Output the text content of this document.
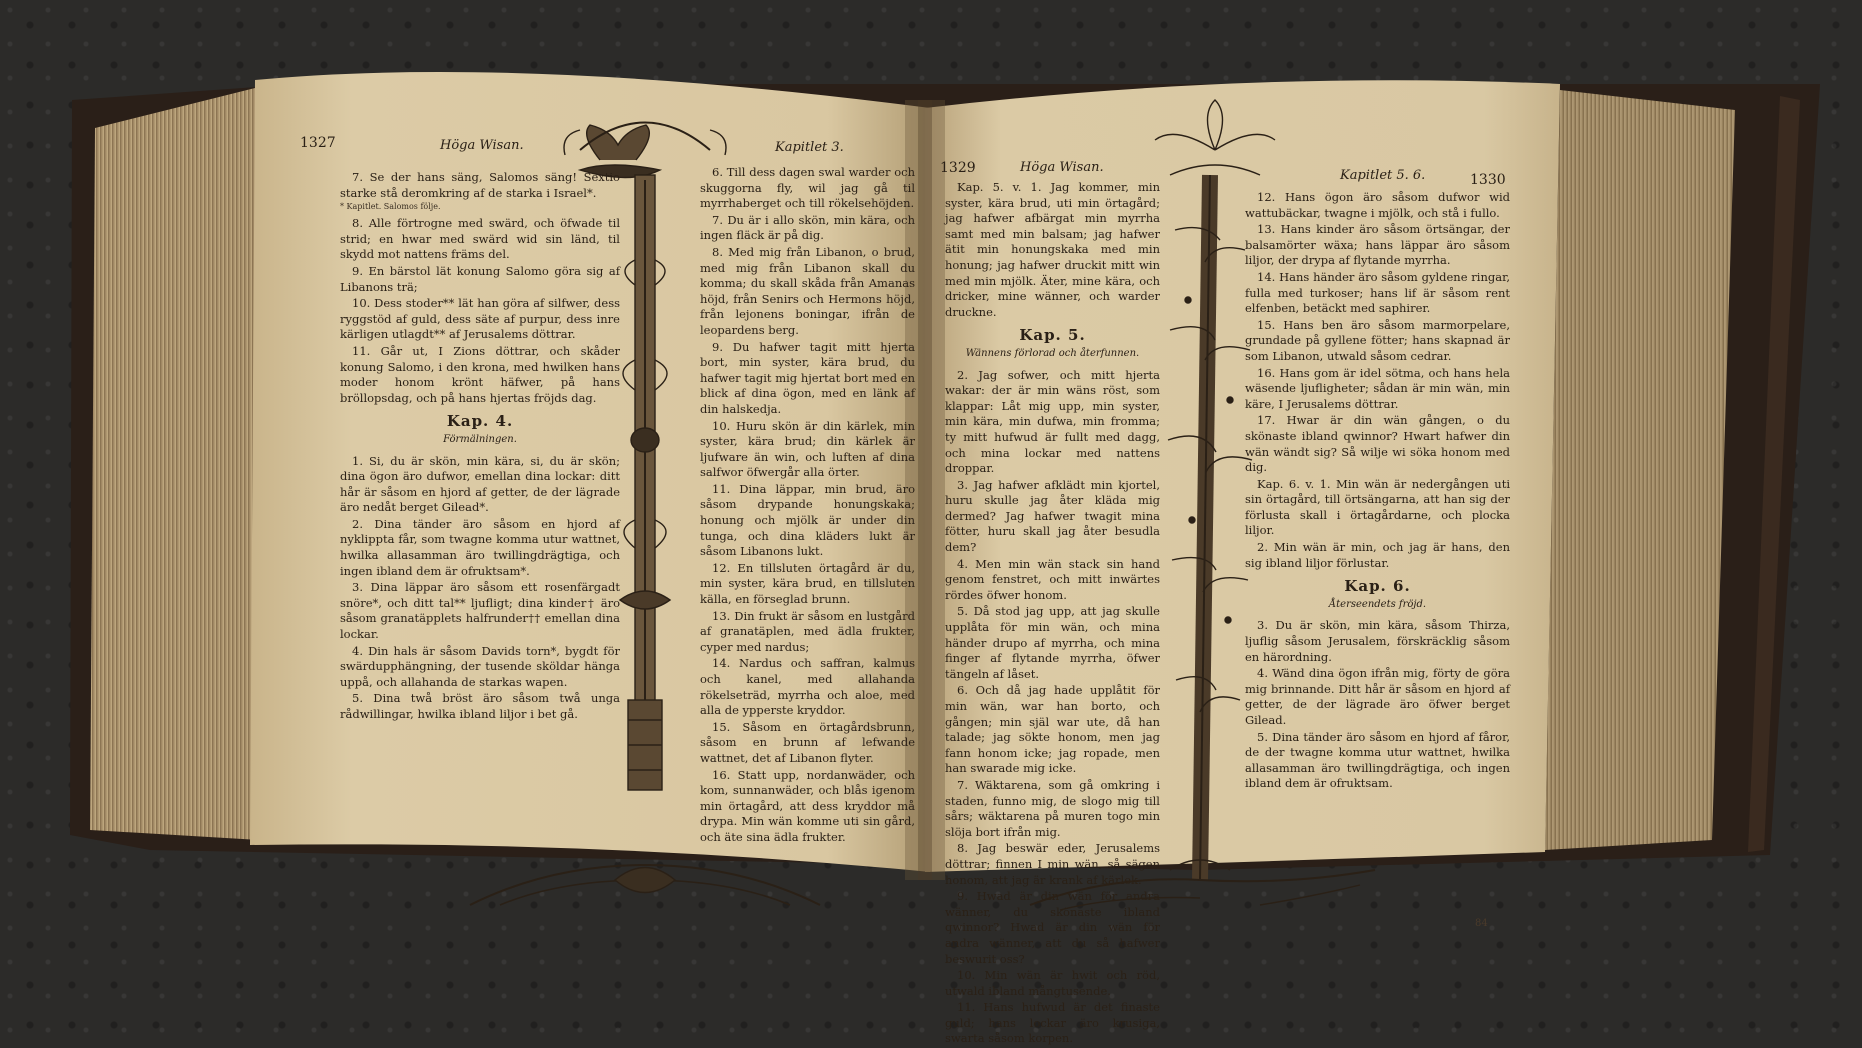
1327	Höga Wisan.	Kapitlet 3.
1329	Höga Wisan.
Kapitlet 5. 6.	1330

7. Se der hans säng, Salomos säng! Sextio starke stå deromkring af de starka i Israel*.

* Kapitlet. Salomos följe.

8. Alle förtrogne med swärd, och öfwade til strid; en hwar med swärd wid sin länd, til skydd mot nattens främs del.

9. En bärstol lät konung Salomo göra sig af Libanons trä;

10. Dess stoder** lät han göra af silfwer, dess ryggstöd af guld, dess säte af purpur, dess inre kärligen utlagdt** af Jerusalems döttrar.

11. Går ut, I Zions döttrar, och skåder konung Salomo, i den krona, med hwilken hans moder honom krönt häfwer, på hans bröllopsdag, och på hans hjertas fröjds dag.

Kap. 4.
Förmälningen.

1. Si, du är skön, min kära, si, du är skön; dina ögon äro dufwor, emellan dina lockar: ditt hår är såsom en hjord af getter, de der lägrade äro nedåt berget Gilead*.

2. Dina tänder äro såsom en hjord af nyklippta får, som twagne komma utur wattnet, hwilka allasamman äro twillingdrägtiga, och ingen ibland dem är ofruktsam*.

3. Dina läppar äro såsom ett rosenfärgadt snöre*, och ditt tal** ljufligt; dina kinder† äro såsom granatäpplets halfrunder†† emellan dina lockar.

4. Din hals är såsom Davids torn*, bygdt för swärdupphängning, der tusende sköldar hänga uppå, och allahanda de starkas wapen.

5. Dina twå bröst äro såsom twå unga rådwillingar, hwilka ibland liljor i bet gå.

6. Till dess dagen swal warder och skuggorna fly, wil jag gå til myrrhaberget och till rökelsehöjden.

7. Du är i allo skön, min kära, och ingen fläck är på dig.

8. Med mig från Libanon, o brud, med mig från Libanon skall du komma; du skall skåda från Amanas höjd, från Senirs och Hermons höjd, från lejonens boningar, ifrån de leopardens berg.

9. Du hafwer tagit mitt hjerta bort, min syster, kära brud, du hafwer tagit mig hjertat bort med en blick af dina ögon, med en länk af din halskedja.

10. Huru skön är din kärlek, min syster, kära brud; din kärlek är ljufware än win, och luften af dina salfwor öfwergår alla örter.

11. Dina läppar, min brud, äro såsom drypande honungskaka; honung och mjölk är under din tunga, och dina kläders lukt är såsom Libanons lukt.

12. En tillsluten örtagård är du, min syster, kära brud, en tillsluten källa, en förseglad brunn.

13. Din frukt är såsom en lustgård af granatäplen, med ädla frukter, cyper med nardus;

14. Nardus och saffran, kalmus och kanel, med allahanda rökelseträd, myrrha och aloe, med alla de ypperste kryddor.

15. Såsom en örtagårdsbrunn, såsom en brunn af lefwande wattnet, det af Libanon flyter.

16. Statt upp, nordanwäder, och kom, sunnanwäder, och blås igenom min örtagård, att dess kryddor må drypa. Min wän komme uti sin gård, och äte sina ädla frukter.

Kap. 5. v. 1. Jag kommer, min syster, kära brud, uti min örtagård; jag hafwer afbärgat min myrrha samt med min balsam; jag hafwer ätit min honungskaka med min honung; jag hafwer druckit mitt win med min mjölk. Äter, mine kära, och dricker, mine wänner, och warder druckne.

Kap. 5.
Wännens förlorad och återfunnen.

2. Jag sofwer, och mitt hjerta wakar: der är min wäns röst, som klappar: Låt mig upp, min syster, min kära, min dufwa, min fromma; ty mitt hufwud är fullt med dagg, och mina lockar med nattens droppar.

3. Jag hafwer afklädt min kjortel, huru skulle jag åter kläda mig dermed? Jag hafwer twagit mina fötter, huru skall jag åter besudla dem?

4. Men min wän stack sin hand genom fenstret, och mitt inwärtes rördes öfwer honom.

5. Då stod jag upp, att jag skulle upplåta för min wän, och mina händer drupo af myrrha, och mina finger af flytande myrrha, öfwer tängeln af låset.

6. Och då jag hade upplåtit för min wän, war han borto, och gången; min själ war ute, då han talade; jag sökte honom, men jag fann honom icke; jag ropade, men han swarade mig icke.

7. Wäktarena, som gå omkring i staden, funno mig, de slogo mig till sårs; wäktarena på muren togo min slöja bort ifrån mig.

8. Jag beswär eder, Jerusalems döttrar; finnen I min wän, så sägen honom, att jag är krank af kärlek.

9. Hwad är din wän för andra wänner, du skönaste ibland qwinnor? Hwad är din wän för andra wänner, att du så hafwer beswurit oss?

10. Min wän är hwit och röd, utwald ibland mångtusende.

11. Hans hufwud är det finaste guld; hans lockar äro krusiga, swarta såsom korpen.

12. Hans ögon äro såsom dufwor wid wattubäckar, twagne i mjölk, och stå i fullo.

13. Hans kinder äro såsom örtsängar, der balsamörter wäxa; hans läppar äro såsom liljor, der drypa af flytande myrrha.

14. Hans händer äro såsom gyldene ringar, fulla med turkoser; hans lif är såsom rent elfenben, betäckt med saphirer.

15. Hans ben äro såsom marmorpelare, grundade på gyllene fötter; hans skapnad är som Libanon, utwald såsom cedrar.

16. Hans gom är idel sötma, och hans hela wäsende ljufligheter; sådan är min wän, min käre, I Jerusalems döttrar.

17. Hwar är din wän gången, o du skönaste ibland qwinnor? Hwart hafwer din wän wändt sig? Så wilje wi söka honom med dig.

Kap. 6. v. 1. Min wän är nedergången uti sin örtagård, till örtsängarna, att han sig der förlusta skall i örtagårdarne, och plocka liljor.

2. Min wän är min, och jag är hans, den sig ibland liljor förlustar.

Kap. 6.
Återseendets fröjd.

3. Du är skön, min kära, såsom Thirza, ljuflig såsom Jerusalem, förskräcklig såsom en härordning.

4. Wänd dina ögon ifrån mig, förty de göra mig brinnande. Ditt hår är såsom en hjord af getter, de der lägrade äro öfwer berget Gilead.

5. Dina tänder äro såsom en hjord af fåror, de der twagne komma utur wattnet, hwilka allasamman äro twillingdrägtiga, och ingen ibland dem är ofruktsam.

84
